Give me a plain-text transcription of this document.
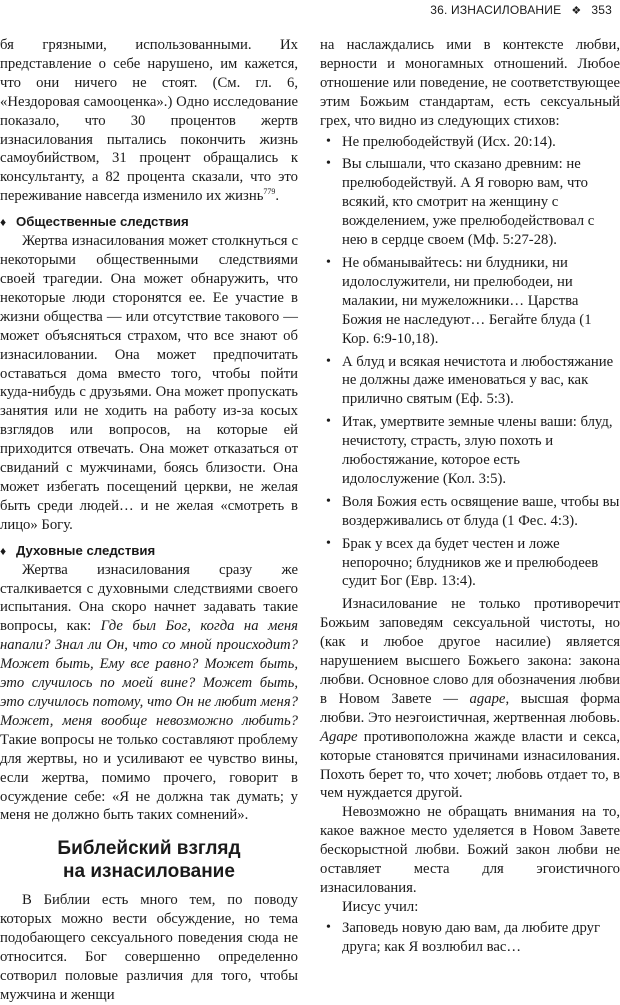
36. ИЗНАСИЛОВАНИЕ ❖ 353

бя грязными, использованными. Их представление о себе нарушено, им кажется, что они ничего не стоят. (См. гл. 6, «Нездоровая самооценка».) Одно исследование показало, что 30 процентов жертв изнасилования пытались покончить жизнь самоубийством, 31 процент обращались к консультанту, а 82 процента сказали, что это переживание навсегда изменило их жизнь$^{779}$.

♦ Общественные следствия

Жертва изнасилования может столкнуться с некоторыми общественными следствиями своей трагедии. Она может обнаружить, что некоторые люди сторонятся ее. Ее участие в жизни общества — или отсутствие такового — может объясняться страхом, что все знают об изнасиловании. Она может предпочитать оставаться дома вместо того, чтобы пойти куда-нибудь с друзьями. Она может пропускать занятия или не ходить на работу из-за косых взглядов или вопросов, на которые ей приходится отвечать. Она может отказаться от свиданий с мужчинами, боясь близости. Она может избегать посещений церкви, не желая быть среди людей… и не желая «смотреть в лицо» Богу.

♦ Духовные следствия

Жертва изнасилования сразу же сталкивается с духовными следствиями своего испытания. Она скоро начнет задавать такие вопросы, как: Где был Бог, когда на меня напали? Знал ли Он, что со мной происходит? Может быть, Ему все равно? Может быть, это случилось по моей вине? Может быть, это случилось потому, что Он не любит меня? Может, меня вообще невозможно любить? Такие вопросы не только составляют проблему для жертвы, но и усиливают ее чувство вины, если жертва, помимо прочего, говорит в осуждение себе: «Я не должна так думать; у меня не должно быть таких сомнений».

Библейский взгляд
на изнасилование

В Библии есть много тем, по поводу которых можно вести обсуждение, но тема подобающего сексуального поведения сюда не относится. Бог совершенно определенно сотворил половые различия для того, чтобы мужчина и женщи

на наслаждались ими в контексте любви, верности и моногамных отношений. Любое отношение или поведение, не соответствующее этим Божьим стандартам, есть сексуальный грех, что видно из следующих стихов:

• Не прелюбодействуй (Исх. 20:14).
• Вы слышали, что сказано древним: не прелюбодействуй. А Я говорю вам, что всякий, кто смотрит на женщину с вожделением, уже прелюбодействовал с нею в сердце своем (Мф. 5:27-28).
• Не обманывайтесь: ни блудники, ни идолослужители, ни прелюбодеи, ни малакии, ни мужеложники… Царства Божия не наследуют… Бегайте блуда (1 Кор. 6:9-10,18).
• А блуд и всякая нечистота и любостяжание не должны даже именоваться у вас, как прилично святым (Еф. 5:3).
• Итак, умертвите земные члены ваши: блуд, нечистоту, страсть, злую похоть и любостяжание, которое есть идолослужение (Кол. 3:5).
• Воля Божия есть освящение ваше, чтобы вы воздерживались от блуда (1 Фес. 4:3).
• Брак у всех да будет честен и ложе непорочно; блудников же и прелюбодеев судит Бог (Евр. 13:4).

Изнасилование не только противоречит Божьим заповедям сексуальной чистоты, но (как и любое другое насилие) является нарушением высшего Божьего закона: закона любви. Основное слово для обозначения любви в Новом Завете — agape, высшая форма любви. Это неэгоистичная, жертвенная любовь. Agape противоположна жажде власти и секса, которые становятся причинами изнасилования. Похоть берет то, что хочет; любовь отдает то, в чем нуждается другой.

Невозможно не обращать внимания на то, какое важное место уделяется в Новом Завете бескорыстной любви. Божий закон любви не оставляет места для эгоистичного изнасилования.

Иисус учил:

• Заповедь новую даю вам, да любите друг друга; как Я возлюбил вас…
